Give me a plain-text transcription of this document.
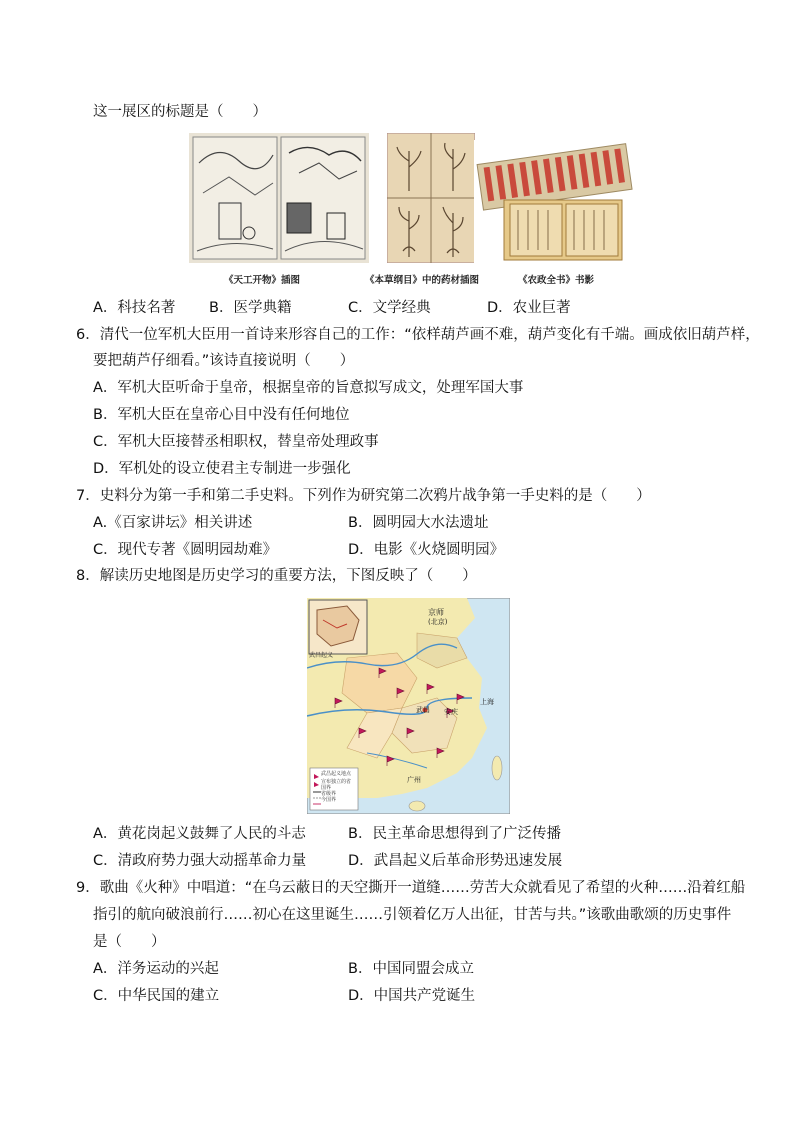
这一展区的标题是（　　）
《天工开物》插图	《本草纲目》中的药材插图	《农政全书》书影
A．科技名著 B．医学典籍	C．文学经典	D．农业巨著
6．清代一位军机大臣用一首诗来形容自己的工作：“依样葫芦画不难，葫芦变化有千端。画成依旧葫芦样，
要把葫芦仔细看。”该诗直接说明（　　）
A．军机大臣听命于皇帝，根据皇帝的旨意拟写成文，处理军国大事
B．军机大臣在皇帝心目中没有任何地位
C．军机大臣接替丞相职权，替皇帝处理政事
D．军机处的设立使君主专制进一步强化
7．史料分为第一手和第二手史料。下列作为研究第二次鸦片战争第一手史料的是（　　）
A.《百家讲坛》相关讲述	B．圆明园大水法遗址
C．现代专著《圆明园劫难》	D．电影《火烧圆明园》
8．解读历史地图是历史学习的重要方法，下图反映了（　　）
武昌起义
京师
(北京)
武昌 安庆
上海
广州
武昌起义地点
宣布独立的省
国界
省级界
今国界
A．黄花岗起义鼓舞了人民的斗志	B．民主革命思想得到了广泛传播
C．清政府势力强大动摇革命力量	D．武昌起义后革命形势迅速发展
9．歌曲《火种》中唱道：“在乌云蔽日的天空撕开一道缝……劳苦大众就看见了希望的火种……沿着红船
指引的航向破浪前行……初心在这里诞生……引领着亿万人出征，甘苦与共。”该歌曲歌颂的历史事件
是（　　）
A．洋务运动的兴起	B．中国同盟会成立
C．中华民国的建立	D．中国共产党诞生
